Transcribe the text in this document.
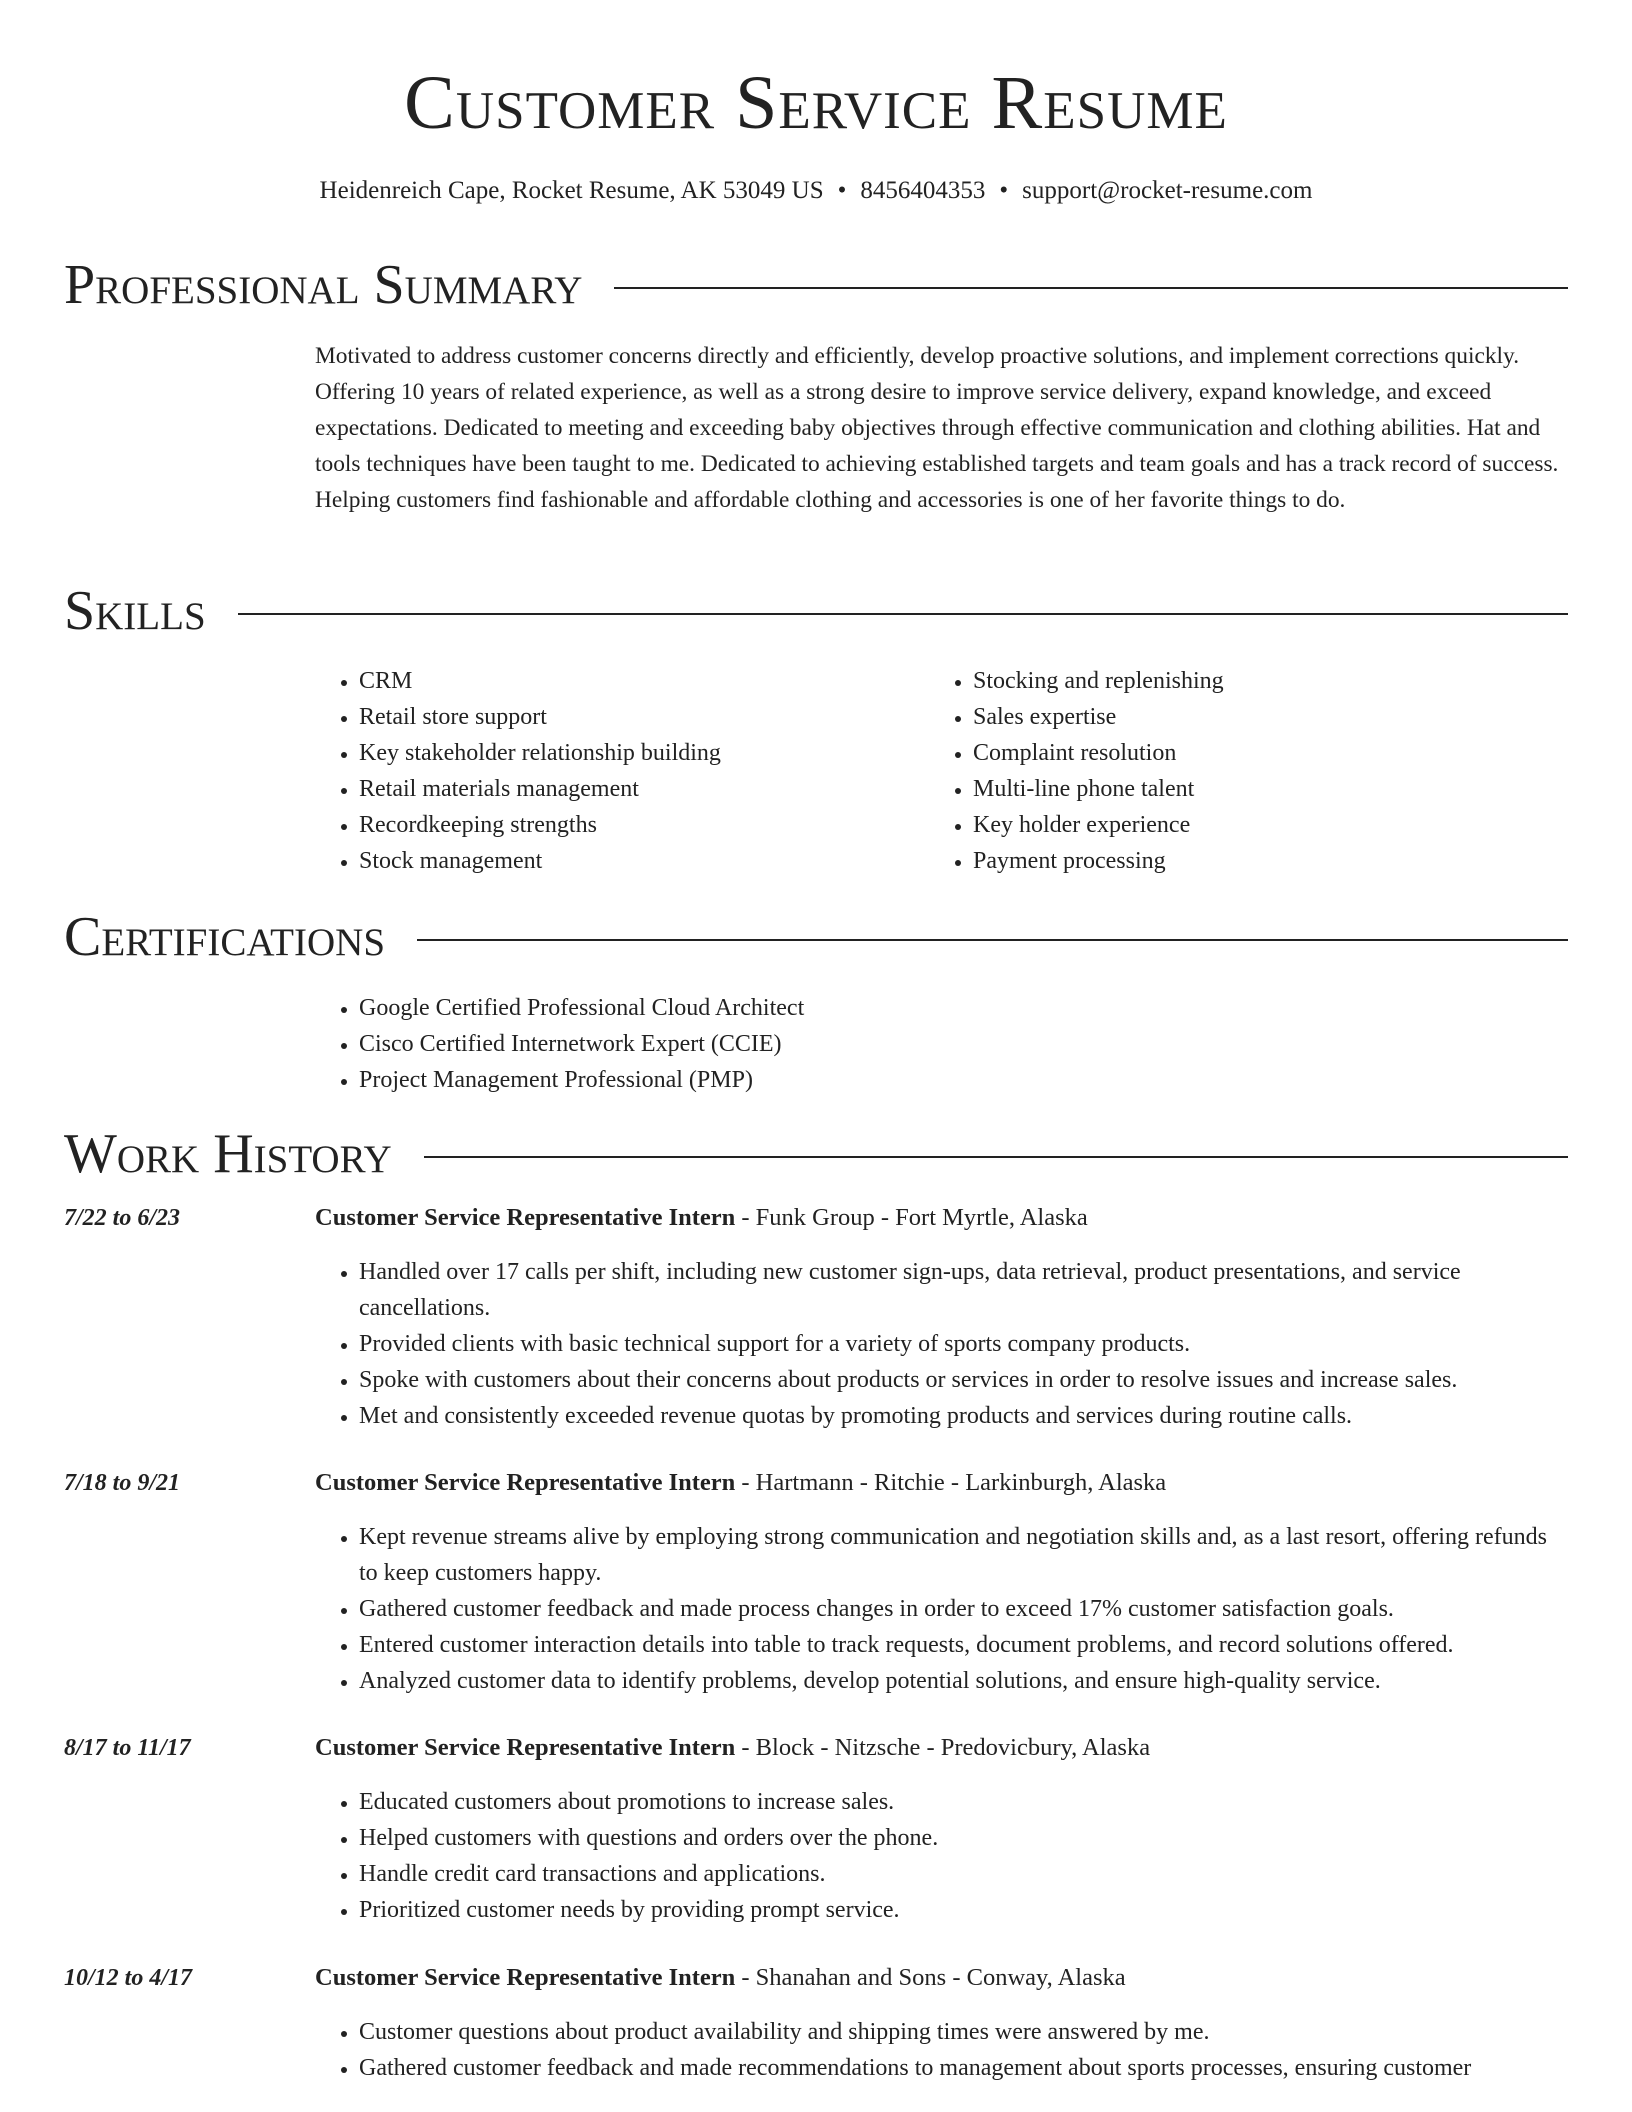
Customer Service Resume
Heidenreich Cape, Rocket Resume, AK 53049 US • 8456404353 • support@rocket-resume.com
Professional Summary

Motivated to address customer concerns directly and efficiently, develop proactive solutions, and implement corrections quickly. Offering 10 years of related experience, as well as a strong desire to improve service delivery, expand knowledge, and exceed expectations. Dedicated to meeting and exceeding baby objectives through effective communication and clothing abilities. Hat and tools techniques have been taught to me. Dedicated to achieving established targets and team goals and has a track record of success. Helping customers find fashionable and affordable clothing and accessories is one of her favorite things to do.

Skills
• CRM
• Retail store support
• Key stakeholder relationship building
• Retail materials management
• Recordkeeping strengths
• Stock management
• Stocking and replenishing
• Sales expertise
• Complaint resolution
• Multi-line phone talent
• Key holder experience
• Payment processing
Certifications
• Google Certified Professional Cloud Architect
• Cisco Certified Internetwork Expert (CCIE)
• Project Management Professional (PMP)
Work History
7/22 to 6/23	Customer Service Representative Intern - Funk Group - Fort Myrtle, Alaska
• Handled over 17 calls per shift, including new customer sign-ups, data retrieval, product presentations, and service cancellations.
• Provided clients with basic technical support for a variety of sports company products.
• Spoke with customers about their concerns about products or services in order to resolve issues and increase sales.
• Met and consistently exceeded revenue quotas by promoting products and services during routine calls.
7/18 to 9/21	Customer Service Representative Intern - Hartmann - Ritchie - Larkinburgh, Alaska
• Kept revenue streams alive by employing strong communication and negotiation skills and, as a last resort, offering refunds to keep customers happy.
• Gathered customer feedback and made process changes in order to exceed 17% customer satisfaction goals.
• Entered customer interaction details into table to track requests, document problems, and record solutions offered.
• Analyzed customer data to identify problems, develop potential solutions, and ensure high-quality service.
8/17 to 11/17	Customer Service Representative Intern - Block - Nitzsche - Predovicbury, Alaska
• Educated customers about promotions to increase sales.
• Helped customers with questions and orders over the phone.
• Handle credit card transactions and applications.
• Prioritized customer needs by providing prompt service.
10/12 to 4/17	Customer Service Representative Intern - Shanahan and Sons - Conway, Alaska
• Customer questions about product availability and shipping times were answered by me.
• Gathered customer feedback and made recommendations to management about sports processes, ensuring customer
